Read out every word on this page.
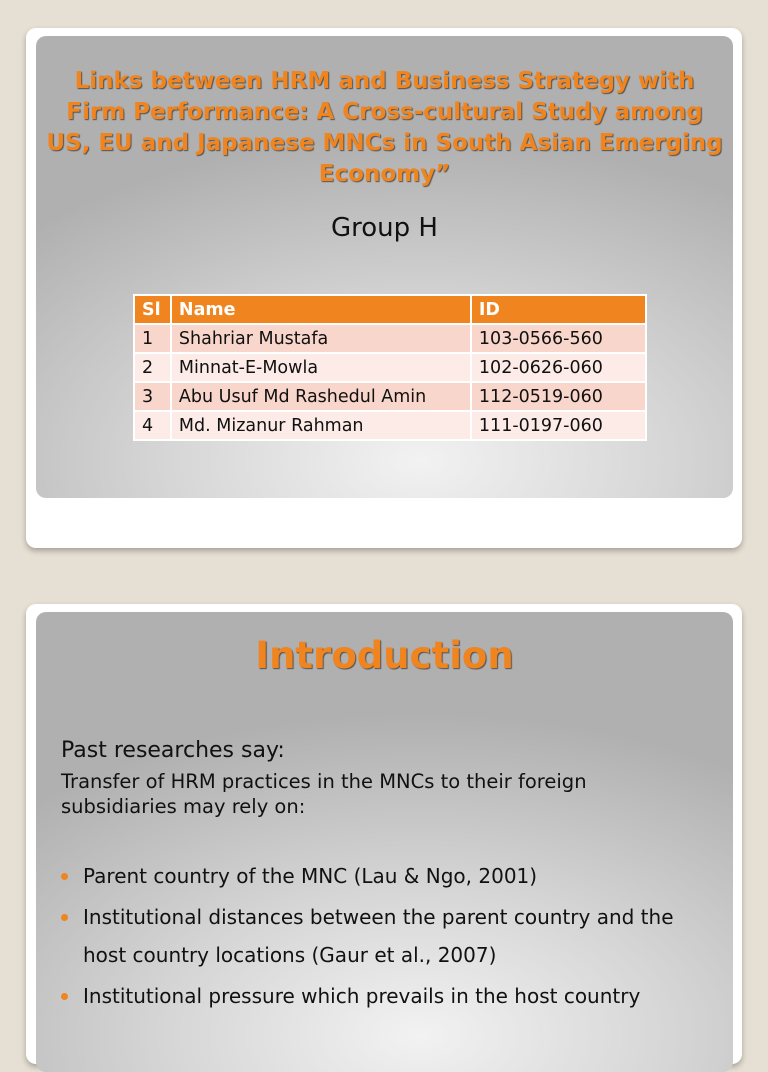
Links between HRM and Business Strategy with Firm Performance: A Cross-cultural Study among US, EU and Japanese MNCs in South Asian Emerging Economy”
Group H
Sl	Name	ID
1	Shahriar Mustafa	103-0566-560
2	Minnat-E-Mowla	102-0626-060
3	Abu Usuf Md Rashedul Amin	112-0519-060
4	Md. Mizanur Rahman	111-0197-060
Introduction
Past researches say:
Transfer of HRM practices in the MNCs to their foreign subsidiaries may rely on:
Parent country of the MNC (Lau & Ngo, 2001)
Institutional distances between the parent country and the host country locations (Gaur et al., 2007)
Institutional pressure which prevails in the host country
